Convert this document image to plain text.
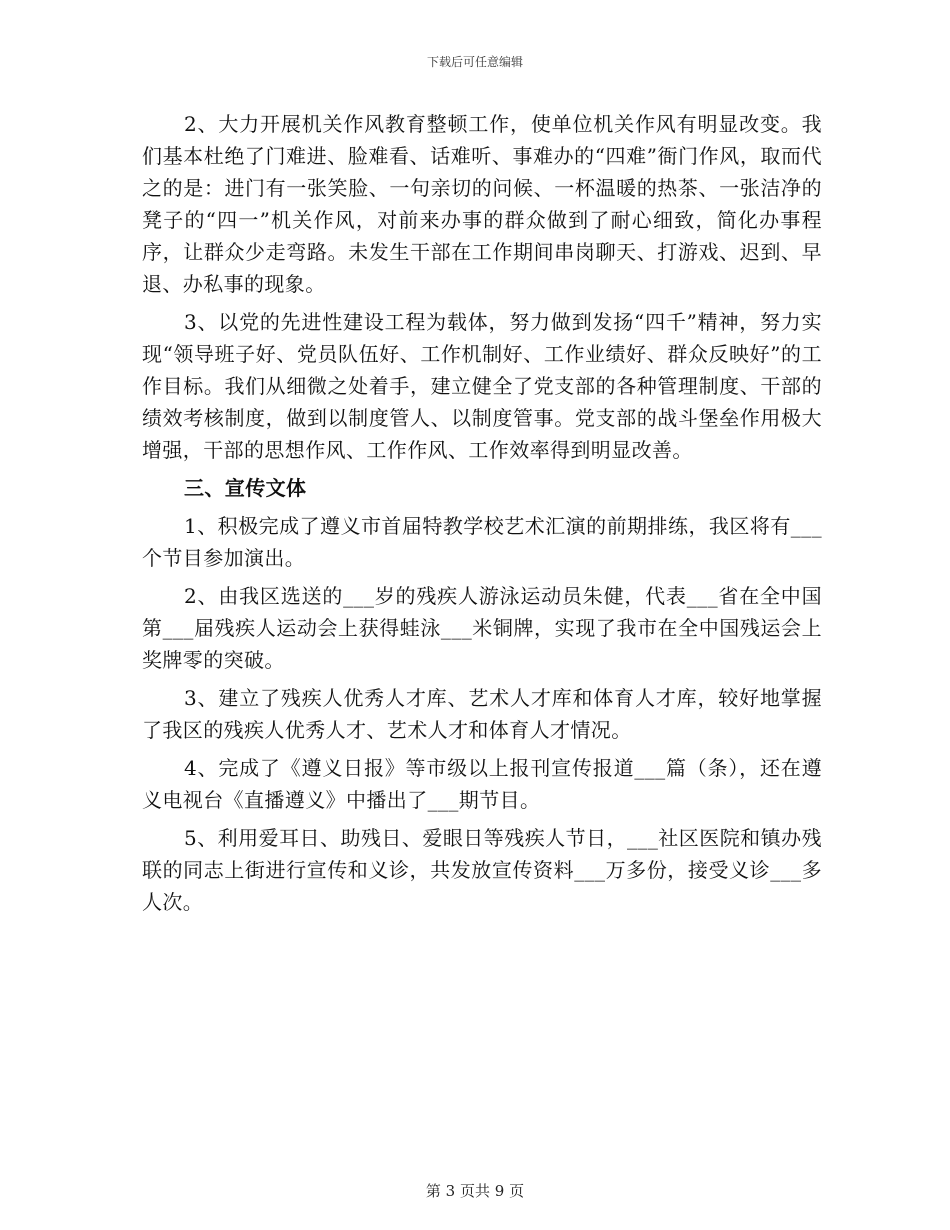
下载后可任意编辑

2、大力开展机关作风教育整顿工作，使单位机关作风有明显改变。我们基本杜绝了门难进、脸难看、话难听、事难办的“四难”衙门作风，取而代之的是：进门有一张笑脸、一句亲切的问候、一杯温暖的热茶、一张洁净的凳子的“四一”机关作风，对前来办事的群众做到了耐心细致，简化办事程序，让群众少走弯路。未发生干部在工作期间串岗聊天、打游戏、迟到、早退、办私事的现象。

3、以党的先进性建设工程为载体，努力做到发扬“四千”精神，努力实现“领导班子好、党员队伍好、工作机制好、工作业绩好、群众反映好”的工作目标。我们从细微之处着手，建立健全了党支部的各种管理制度、干部的绩效考核制度，做到以制度管人、以制度管事。党支部的战斗堡垒作用极大增强，干部的思想作风、工作作风、工作效率得到明显改善。

三、宣传文体

1、积极完成了遵义市首届特教学校艺术汇演的前期排练，我区将有___个节目参加演出。

2、由我区选送的___岁的残疾人游泳运动员朱健，代表___省在全中国第___届残疾人运动会上获得蛙泳___米铜牌，实现了我市在全中国残运会上奖牌零的突破。

3、建立了残疾人优秀人才库、艺术人才库和体育人才库，较好地掌握了我区的残疾人优秀人才、艺术人才和体育人才情况。

4、完成了《遵义日报》等市级以上报刊宣传报道___篇（条），还在遵义电视台《直播遵义》中播出了___期节目。

5、利用爱耳日、助残日、爱眼日等残疾人节日，___社区医院和镇办残联的同志上街进行宣传和义诊，共发放宣传资料___万多份，接受义诊___多人次。

第 3 页共 9 页
